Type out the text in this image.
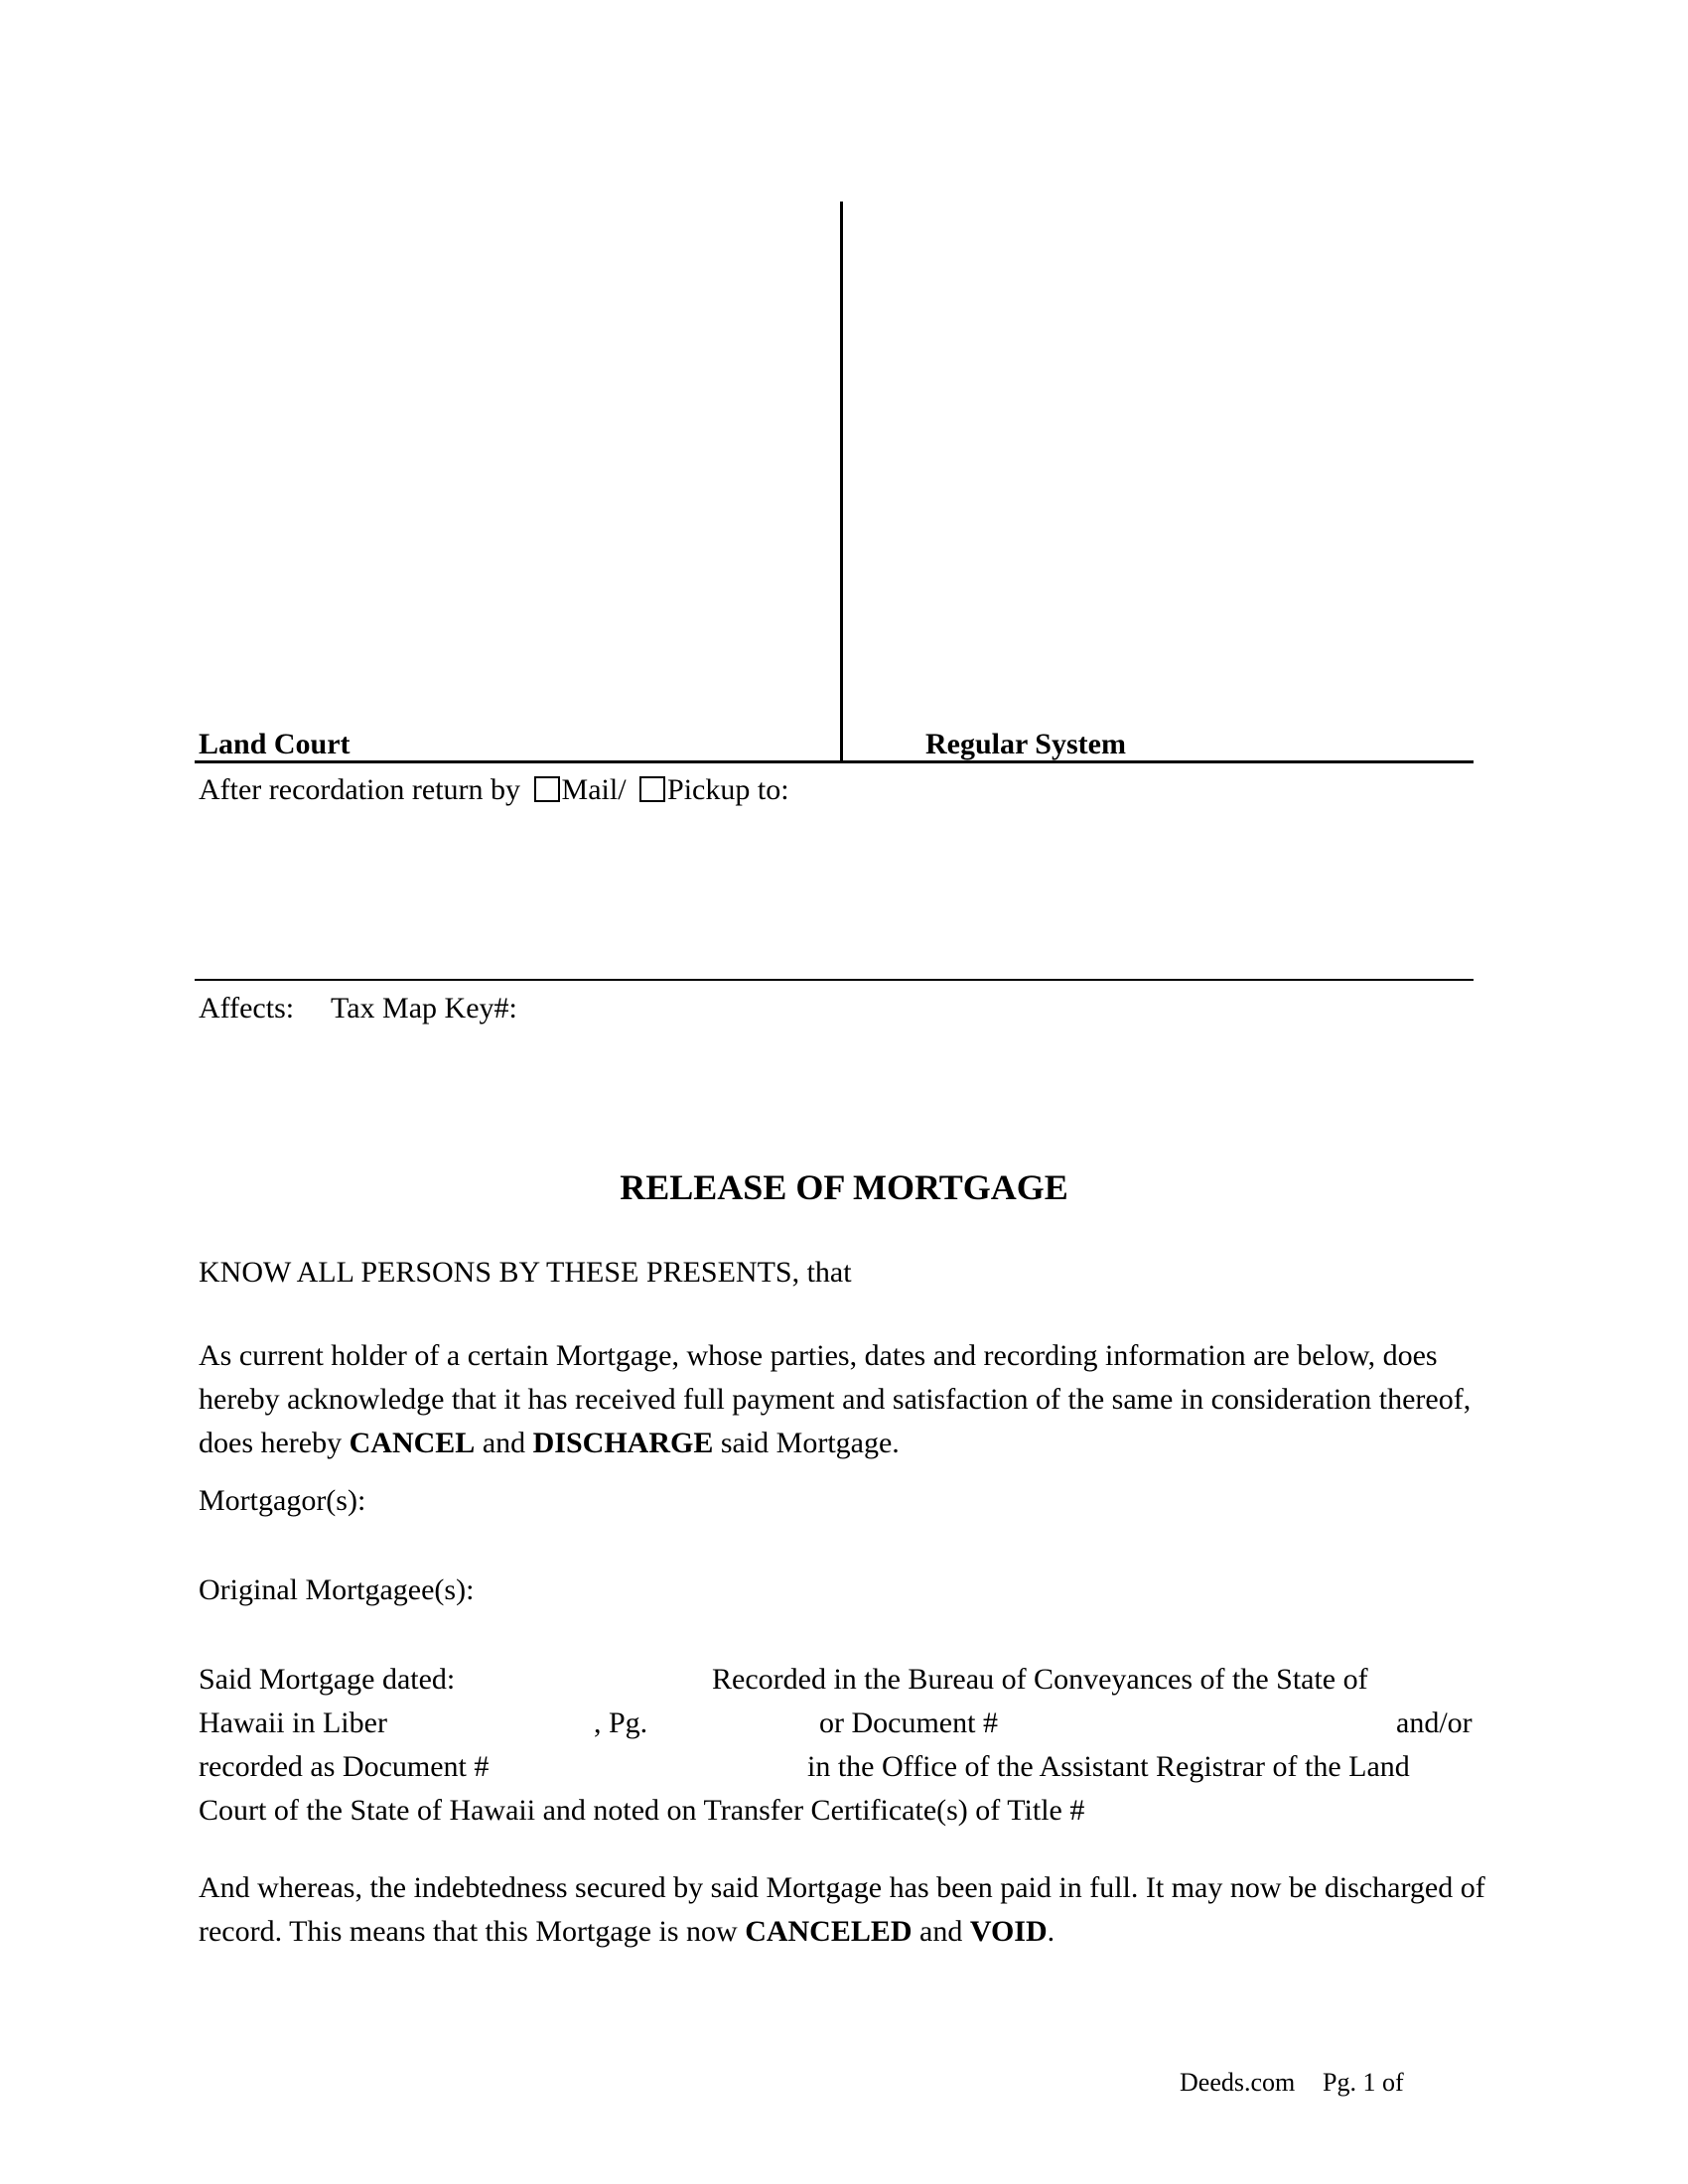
Land Court	Regular System
After recordation return by Mail/ Pickup to:
Affects: Tax Map Key#:
RELEASE OF MORTGAGE
KNOW ALL PERSONS BY THESE PRESENTS, that
As current holder of a certain Mortgage, whose parties, dates and recording information are below, does hereby acknowledge that it has received full payment and satisfaction of the same in consideration thereof, does hereby CANCEL and DISCHARGE said Mortgage.
Mortgagor(s):
Original Mortgagee(s):
Said Mortgage dated:	Recorded in the Bureau of Conveyances of the State of
Hawaii in Liber	, Pg.	or Document #	and/or
recorded as Document #	in the Office of the Assistant Registrar of the Land
Court of the State of Hawaii and noted on Transfer Certificate(s) of Title #
And whereas, the indebtedness secured by said Mortgage has been paid in full. It may now be discharged of record. This means that this Mortgage is now CANCELED and VOID.
Deeds.com Pg. 1 of
